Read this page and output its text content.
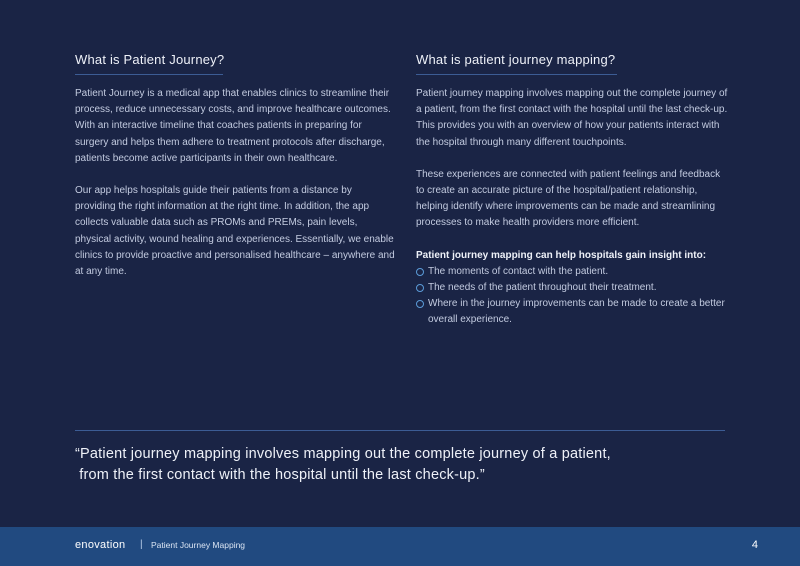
What is Patient Journey?

Patient Journey is a medical app that enables clinics to streamline their process, reduce unnecessary costs, and improve healthcare outcomes. With an interactive timeline that coaches patients in preparing for surgery and helps them adhere to treatment protocols after discharge, patients become active participants in their own healthcare.

Our app helps hospitals guide their patients from a distance by providing the right information at the right time. In addition, the app collects valuable data such as PROMs and PREMs, pain levels, physical activity, wound healing and experiences. Essentially, we enable clinics to provide proactive and personalised healthcare – anywhere and at any time.

What is patient journey mapping?

Patient journey mapping involves mapping out the complete journey of a patient, from the first contact with the hospital until the last check-up. This provides you with an overview of how your patients interact with the hospital through many different touchpoints.

These experiences are connected with patient feelings and feedback to create an accurate picture of the hospital/patient relationship, helping identify where improvements can be made and streamlining processes to make health providers more efficient.

Patient journey mapping can help hospitals gain insight into:

The moments of contact with the patient.
The needs of the patient throughout their treatment.
Where in the journey improvements can be made to create a better overall experience.

“Patient journey mapping involves mapping out the complete journey of a patient,
from the first contact with the hospital until the last check-up.”

enovation | Patient Journey Mapping	4
